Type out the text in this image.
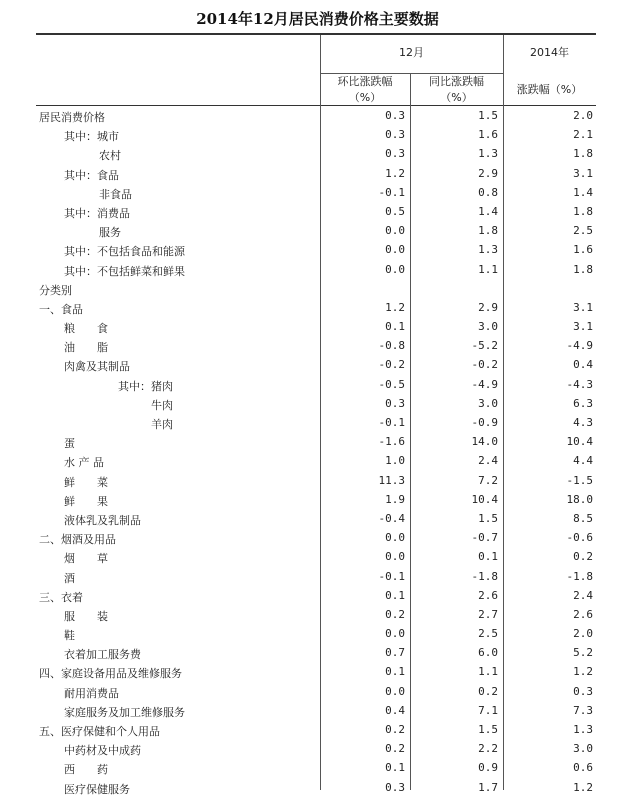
2014年12月居民消费价格主要数据
12月	2014年
环比涨跌幅
（%）
同比涨跌幅
（%）
涨跌幅（%）
居民消费价格	0.3	1.5	2.0
其中：城市	0.3	1.6	2.1
农村	0.3	1.3	1.8
其中：食品	1.2	2.9	3.1
非食品	-0.1	0.8	1.4
其中：消费品	0.5	1.4	1.8
服务	0.0	1.8	2.5
其中：不包括食品和能源	0.0	1.3	1.6
其中：不包括鲜菜和鲜果	0.0	1.1	1.8
分类别
一、食品	1.2	2.9	3.1
粮　　食	0.1	3.0	3.1
油　　脂	-0.8	-5.2	-4.9
肉禽及其制品	-0.2	-0.2	0.4
其中：猪肉	-0.5	-4.9	-4.3
　　　牛肉	0.3	3.0	6.3
　　　羊肉	-0.1	-0.9	4.3
蛋	-1.6	14.0	10.4
水 产 品	1.0	2.4	4.4
鲜　　菜	11.3	7.2	-1.5
鲜　　果	1.9	10.4	18.0
液体乳及乳制品	-0.4	1.5	8.5
二、烟酒及用品	0.0	-0.7	-0.6
烟　　草	0.0	0.1	0.2
酒	-0.1	-1.8	-1.8
三、衣着	0.1	2.6	2.4
服　　装	0.2	2.7	2.6
鞋	0.0	2.5	2.0
衣着加工服务费	0.7	6.0	5.2
四、家庭设备用品及维修服务	0.1	1.1	1.2
耐用消费品	0.0	0.2	0.3
家庭服务及加工维修服务	0.4	7.1	7.3
五、医疗保健和个人用品	0.2	1.5	1.3
中药材及中成药	0.2	2.2	3.0
西　　药	0.1	0.9	0.6
医疗保健服务	0.3	1.7	1.2
